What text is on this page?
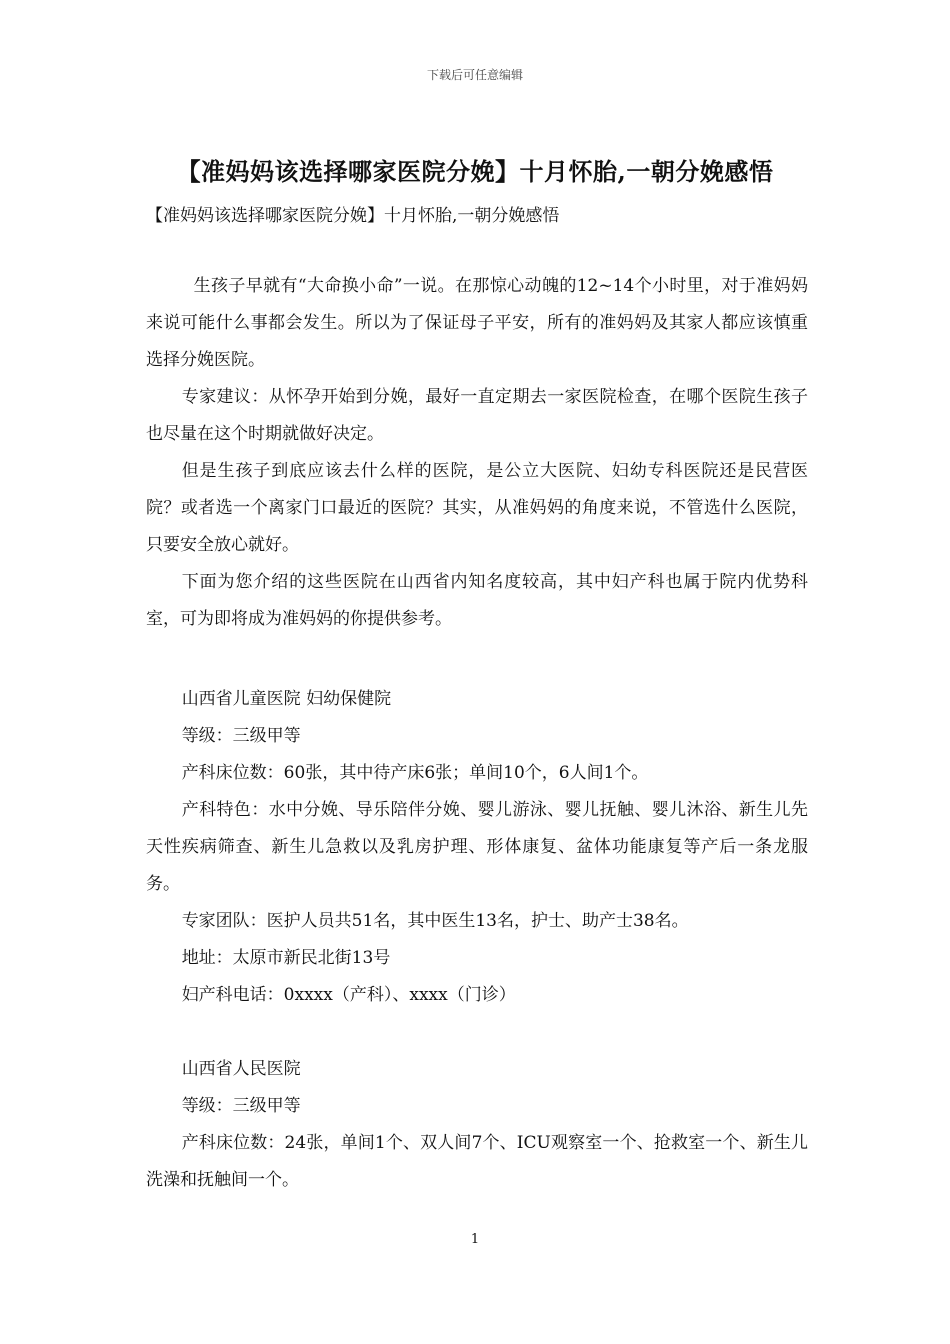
下载后可任意编辑
【准妈妈该选择哪家医院分娩】十月怀胎,一朝分娩感悟

【准妈妈该选择哪家医院分娩】十月怀胎,一朝分娩感悟

生孩子早就有“大命换小命”一说。在那惊心动魄的12~14个小时里，对于准妈妈来说可能什么事都会发生。所以为了保证母子平安，所有的准妈妈及其家人都应该慎重选择分娩医院。

专家建议：从怀孕开始到分娩，最好一直定期去一家医院检查，在哪个医院生孩子也尽量在这个时期就做好决定。

但是生孩子到底应该去什么样的医院，是公立大医院、妇幼专科医院还是民营医院？或者选一个离家门口最近的医院？其实，从准妈妈的角度来说，不管选什么医院，只要安全放心就好。

下面为您介绍的这些医院在山西省内知名度较高，其中妇产科也属于院内优势科室，可为即将成为准妈妈的你提供参考。

山西省儿童医院 妇幼保健院

等级：三级甲等

产科床位数：60张，其中待产床6张；单间10个，6人间1个。

产科特色：水中分娩、导乐陪伴分娩、婴儿游泳、婴儿抚触、婴儿沐浴、新生儿先天性疾病筛查、新生儿急救以及乳房护理、形体康复、盆体功能康复等产后一条龙服务。

专家团队：医护人员共51名，其中医生13名，护士、助产士38名。

地址：太原市新民北街13号

妇产科电话：0xxxx（产科）、xxxx（门诊）

山西省人民医院

等级：三级甲等

产科床位数：24张，单间1个、双人间7个、ICU观察室一个、抢救室一个、新生儿洗澡和抚触间一个。

1
